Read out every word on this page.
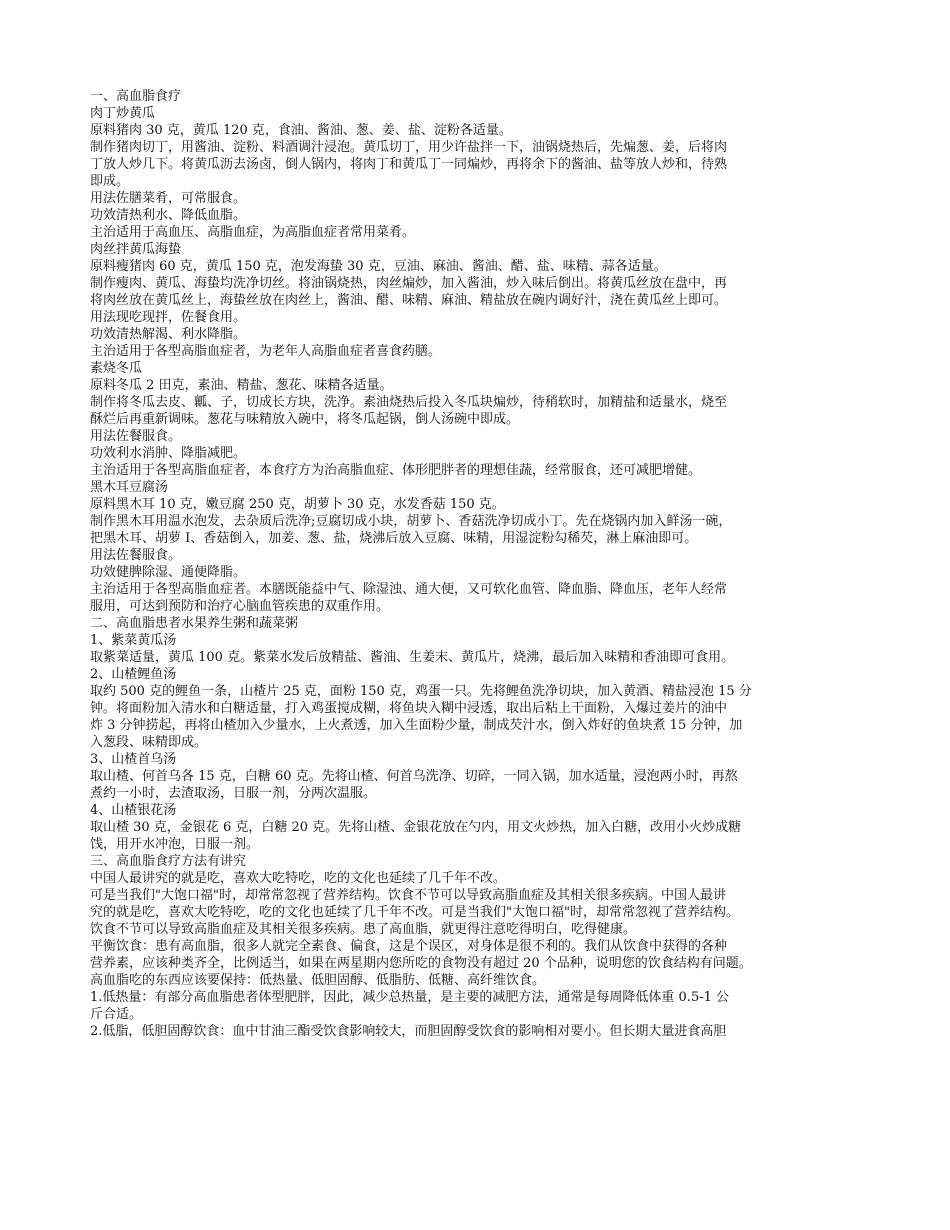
一、高血脂食疗

肉丁炒黄瓜

原料猪肉 30 克，黄瓜 120 克，食油、酱油、葱、姜、盐、淀粉各适量。

制作猪肉切丁，用酱油、淀粉、料酒调汁浸泡。黄瓜切丁，用少许盐拌一下，油锅烧热后，先煸葱、姜，后将肉

丁放人炒几下。将黄瓜沥去汤卤，倒人锅内，将肉丁和黄瓜丁一同煸炒，再将余下的酱油、盐等放人炒和，待熟

即成。

用法佐膳菜肴，可常服食。

功效清热利水、降低血脂。

主治适用于高血压、高脂血症，为高脂血症者常用菜肴。

肉丝拌黄瓜海蛰

原料瘦猪肉 60 克，黄瓜 150 克，泡发海蛰 30 克，豆油、麻油、酱油、醋、盐、味精、蒜各适量。

制作瘦肉、黄瓜、海蛰均洗净切丝。将油锅烧热，肉丝煸炒，加入酱油，炒入味后倒出。将黄瓜丝放在盘中，再

将肉丝放在黄瓜丝上，海蛰丝放在肉丝上，酱油、醋、味精、麻油、精盐放在碗内调好汁，浇在黄瓜丝上即可。

用法现吃现拌，佐餐食用。

功效清热解渴、利水降脂。

主治适用于各型高脂血症者，为老年人高脂血症者喜食药膳。

素烧冬瓜

原料冬瓜 2 田克，素油、精盐、葱花、味精各适量。

制作将冬瓜去皮、瓤、子，切成长方块，洗净。素油烧热后投入冬瓜块煸炒，待稍软时，加精盐和适量水，烧至

酥烂后再重新调味。葱花与味精放入碗中，将冬瓜起锅，倒人汤碗中即成。

用法佐餐服食。

功效利水消肿、降脂减肥。

主治适用于各型高脂血症者，本食疗方为治高脂血症、体形肥胖者的理想佳蔬，经常服食，还可减肥增健。

黑木耳豆腐汤

原料黑木耳 10 克，嫩豆腐 250 克，胡萝卜 30 克，水发香菇 150 克。

制作黑木耳用温水泡发，去杂质后洗净;豆腐切成小块，胡萝卜、香菇洗净切成小丁。先在烧锅内加入鲜汤一碗，

把黑木耳、胡萝 I、香菇倒入，加姜、葱、盐，烧沸后放入豆腐、味精，用湿淀粉勾稀芡，淋上麻油即可。

用法佐餐服食。

功效健脾除湿、通便降脂。

主治适用于各型高脂血症者。本膳既能益中气、除湿浊、通大便，又可软化血管、降血脂、降血压，老年人经常

服用，可达到预防和治疗心脑血管疾患的双重作用。

二、高血脂患者水果养生粥和蔬菜粥

1、紫菜黄瓜汤

取紫菜适量，黄瓜 100 克。紫菜水发后放精盐、酱油、生姜末、黄瓜片，烧沸，最后加入味精和香油即可食用。

2、山楂鲤鱼汤

取约 500 克的鲤鱼一条，山楂片 25 克，面粉 150 克，鸡蛋一只。先将鲤鱼洗净切块，加入黄酒、精盐浸泡 15 分

钟。将面粉加入清水和白糖适量，打入鸡蛋搅成糊，将鱼块入糊中浸透，取出后粘上干面粉，入爆过姜片的油中

炸 3 分钟捞起，再将山楂加入少量水，上火煮透，加入生面粉少量，制成芡汁水，倒入炸好的鱼块煮 15 分钟，加

入葱段、味精即成。

3、山楂首乌汤

取山楂、何首乌各 15 克，白糖 60 克。先将山楂、何首乌洗净、切碎，一同入锅，加水适量，浸泡两小时，再熬

煮约一小时，去渣取汤，日服一剂，分两次温服。

4、山楂银花汤

取山楂 30 克，金银花 6 克，白糖 20 克。先将山楂、金银花放在勺内，用文火炒热，加入白糖，改用小火炒成糖

饯，用开水冲泡，日服一剂。

三、高血脂食疗方法有讲究

中国人最讲究的就是吃，喜欢大吃特吃，吃的文化也延续了几千年不改。

可是当我们"大饱口福"时，却常常忽视了营养结构。饮食不节可以导致高脂血症及其相关很多疾病。中国人最讲

究的就是吃，喜欢大吃特吃，吃的文化也延续了几千年不改。可是当我们"大饱口福"时，却常常忽视了营养结构。

饮食不节可以导致高脂血症及其相关很多疾病。患了高血脂，就更得注意吃得明白，吃得健康。

平衡饮食：患有高血脂，很多人就完全素食、偏食，这是个误区，对身体是很不利的。我们从饮食中获得的各种

营养素，应该种类齐全，比例适当，如果在两星期内您所吃的食物没有超过 20 个品种，说明您的饮食结构有问题。

高血脂吃的东西应该要保持：低热量、低胆固醇、低脂肪、低糖、高纤维饮食。

1.低热量：有部分高血脂患者体型肥胖，因此，减少总热量，是主要的减肥方法，通常是每周降低体重 0.5-1 公

斤合适。

2.低脂，低胆固醇饮食：血中甘油三酯受饮食影响较大，而胆固醇受饮食的影响相对要小。但长期大量进食高胆
